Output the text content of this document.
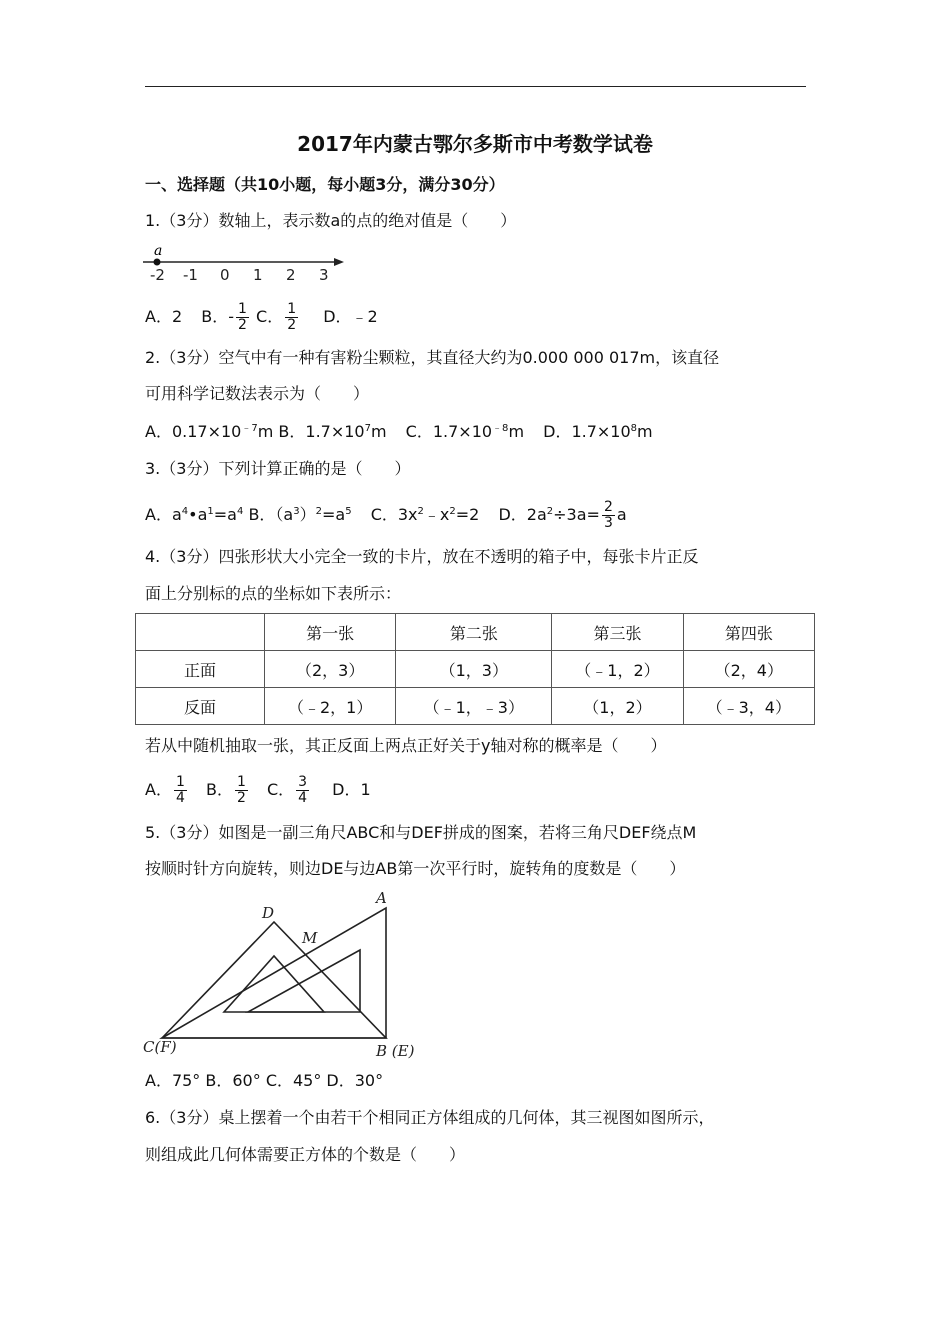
2017年内蒙古鄂尔多斯市中考数学试卷
一、选择题（共10小题，每小题3分，满分30分）
1.（3分）数轴上，表示数a的点的绝对值是（　　）
a
-2 -1 0 1 2 3
A．2 B．- $\frac{1}{2}$ C． $\frac{1}{2}$ D．﹣2
2.（3分）空气中有一种有害粉尘颗粒，其直径大约为0.000 000 017m，该直径
可用科学记数法表示为（　　）
A．$0.17\times 10^{﹣7}m$ B．$1.7\times 10^7m$ C．$1.7\times 10^{﹣8}m$ D．$1.7\times 10^8m$
3.（3分）下列计算正确的是（　　）
A．$a^4•a^1=a^4$ B．$(a^3)^2=a^5$ C．$3x^2﹣x^2=2$ D．$2a^2\div 3a= \frac{2}{3}$ a
4.（3分）四张形状大小完全一致的卡片，放在不透明的箱子中，每张卡片正反
面上分别标的点的坐标如下表所示：
	第一张	第二张	第三张	第四张
正面	（2，3）	（1，3）	（﹣1，2）	（2，4）
反面	（﹣2，1）	（﹣1，﹣3）	（1，2）	（﹣3，4）
若从中随机抽取一张，其正反面上两点正好关于y轴对称的概率是（　　）
A． $\frac{1}{4}$ B． $\frac{1}{2}$ C． $\frac{3}{4}$ D．1
5.（3分）如图是一副三角尺ABC和与DEF拼成的图案，若将三角尺DEF绕点M
按顺时针方向旋转，则边DE与边AB第一次平行时，旋转角的度数是（　　）
A
D
M
C(F)	B (E)
A．75° B．60° C．45° D．30°
6.（3分）桌上摆着一个由若干个相同正方体组成的几何体，其三视图如图所示，
则组成此几何体需要正方体的个数是（　　）
